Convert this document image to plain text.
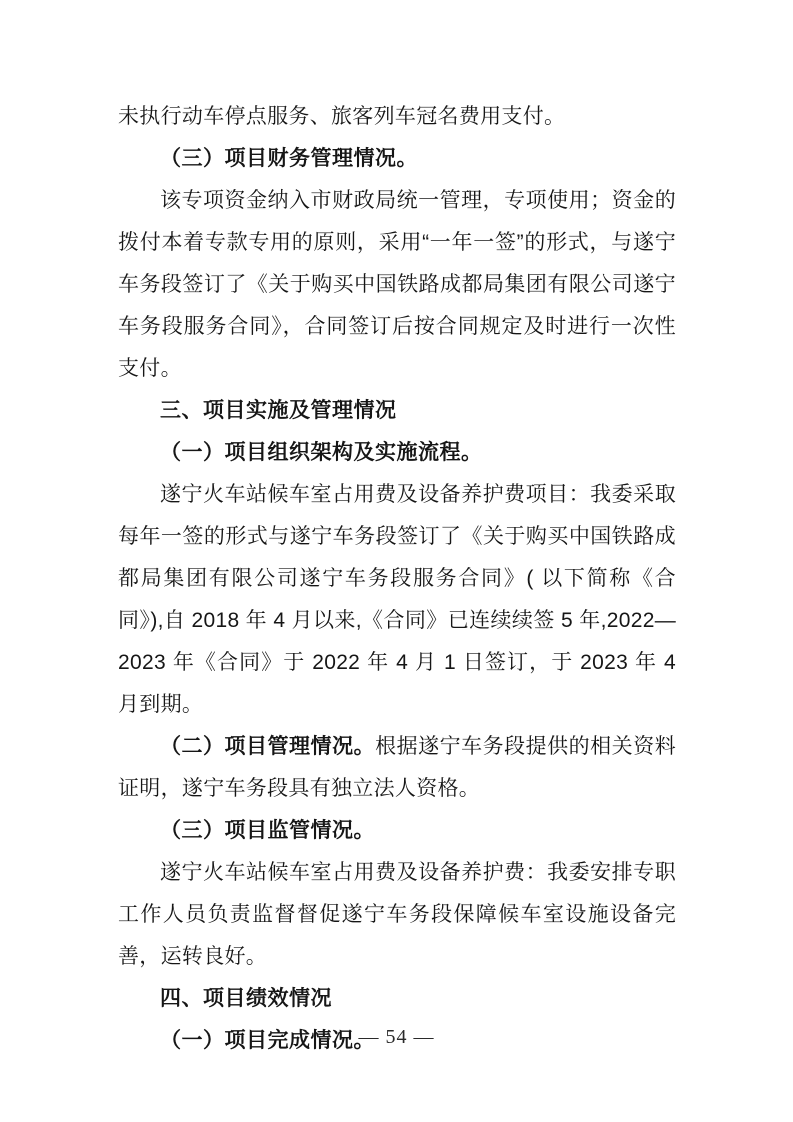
未执行动车停点服务、旅客列车冠名费用支付。

（三）项目财务管理情况。

该专项资金纳入市财政局统一管理，专项使用；资金的拨付本着专款专用的原则，采用“一年一签”的形式，与遂宁车务段签订了《关于购买中国铁路成都局集团有限公司遂宁车务段服务合同》，合同签订后按合同规定及时进行一次性支付。

三、项目实施及管理情况

（一）项目组织架构及实施流程。

遂宁火车站候车室占用费及设备养护费项目：我委采取每年一签的形式与遂宁车务段签订了《关于购买中国铁路成都局集团有限公司遂宁车务段服务合同》( 以下简称《合同》),自 2018 年 4 月以来,《合同》已连续续签 5 年,2022—2023 年《合同》于 2022 年 4 月 1 日签订，于 2023 年 4 月到期。

（二）项目管理情况。根据遂宁车务段提供的相关资料证明，遂宁车务段具有独立法人资格。

（三）项目监管情况。

遂宁火车站候车室占用费及设备养护费：我委安排专职工作人员负责监督督促遂宁车务段保障候车室设施设备完善，运转良好。

四、项目绩效情况

（一）项目完成情况。

— 54 —
